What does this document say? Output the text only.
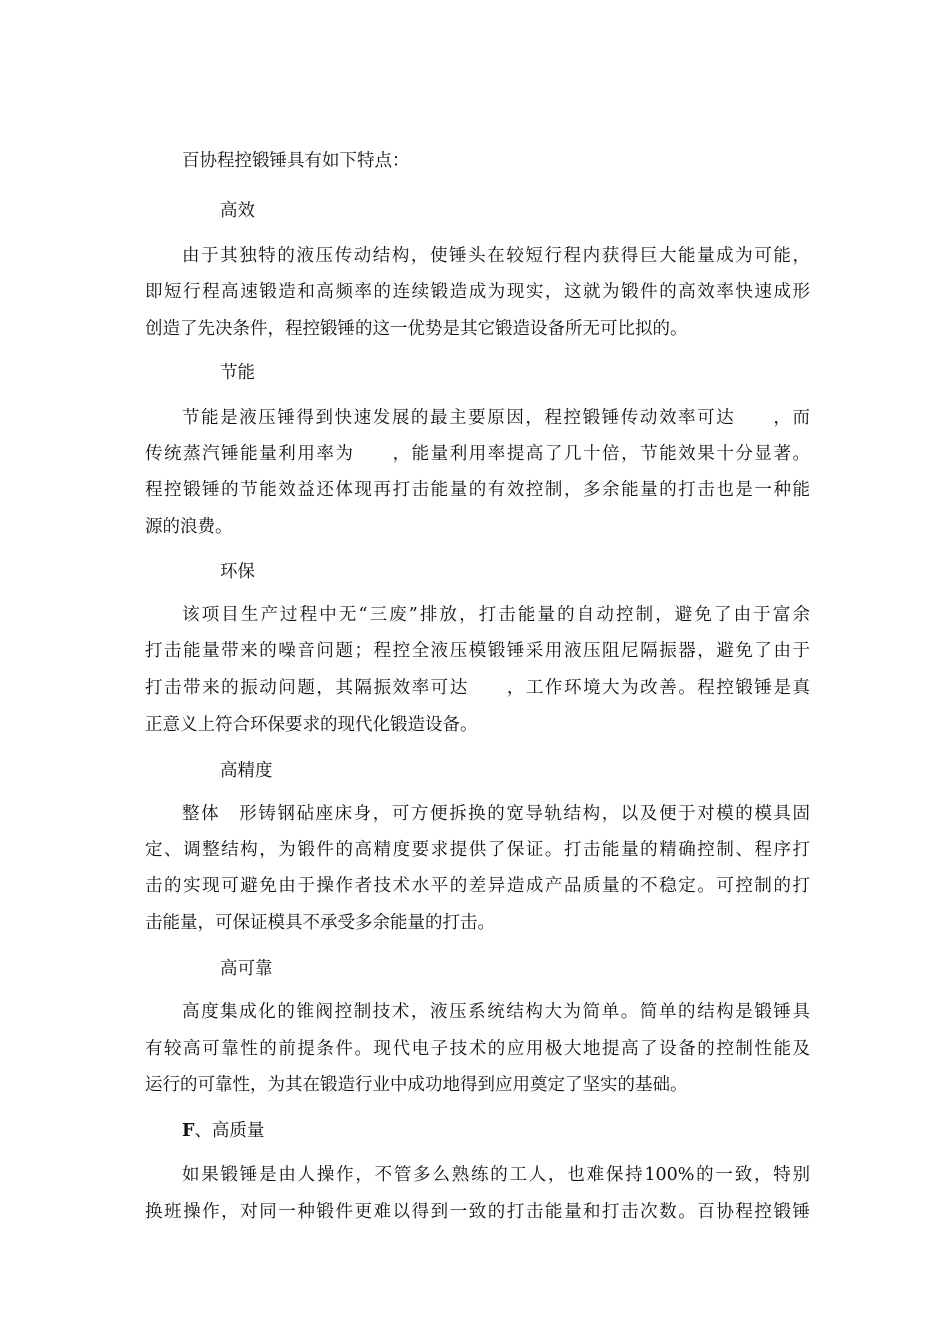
百协程控锻锤具有如下特点：
高效
由于其独特的液压传动结构，使锤头在较短行程内获得巨大能量成为可能，
即短行程高速锻造和高频率的连续锻造成为现实，这就为锻件的高效率快速成形
创造了先决条件，程控锻锤的这一优势是其它锻造设备所无可比拟的。
节能
节能是液压锤得到快速发展的最主要原因，程控锻锤传动效率可达　　，而
传统蒸汽锤能量利用率为　　，能量利用率提高了几十倍，节能效果十分显著。
程控锻锤的节能效益还体现再打击能量的有效控制，多余能量的打击也是一种能
源的浪费。
环保
该项目生产过程中无“三废”排放，打击能量的自动控制，避免了由于富余
打击能量带来的噪音问题；程控全液压模锻锤采用液压阻尼隔振器，避免了由于
打击带来的振动问题，其隔振效率可达　　，工作环境大为改善。程控锻锤是真
正意义上符合环保要求的现代化锻造设备。
高精度
整体　形铸钢砧座床身，可方便拆换的宽导轨结构，以及便于对模的模具固
定、调整结构，为锻件的高精度要求提供了保证。打击能量的精确控制、程序打
击的实现可避免由于操作者技术水平的差异造成产品质量的不稳定。可控制的打
击能量，可保证模具不承受多余能量的打击。
高可靠
高度集成化的锥阀控制技术，液压系统结构大为简单。简单的结构是锻锤具
有较高可靠性的前提条件。现代电子技术的应用极大地提高了设备的控制性能及
运行的可靠性，为其在锻造行业中成功地得到应用奠定了坚实的基础。
F、高质量
如果锻锤是由人操作，不管多么熟练的工人，也难保持100%的一致，特别
换班操作，对同一种锻件更难以得到一致的打击能量和打击次数。百协程控锻锤
